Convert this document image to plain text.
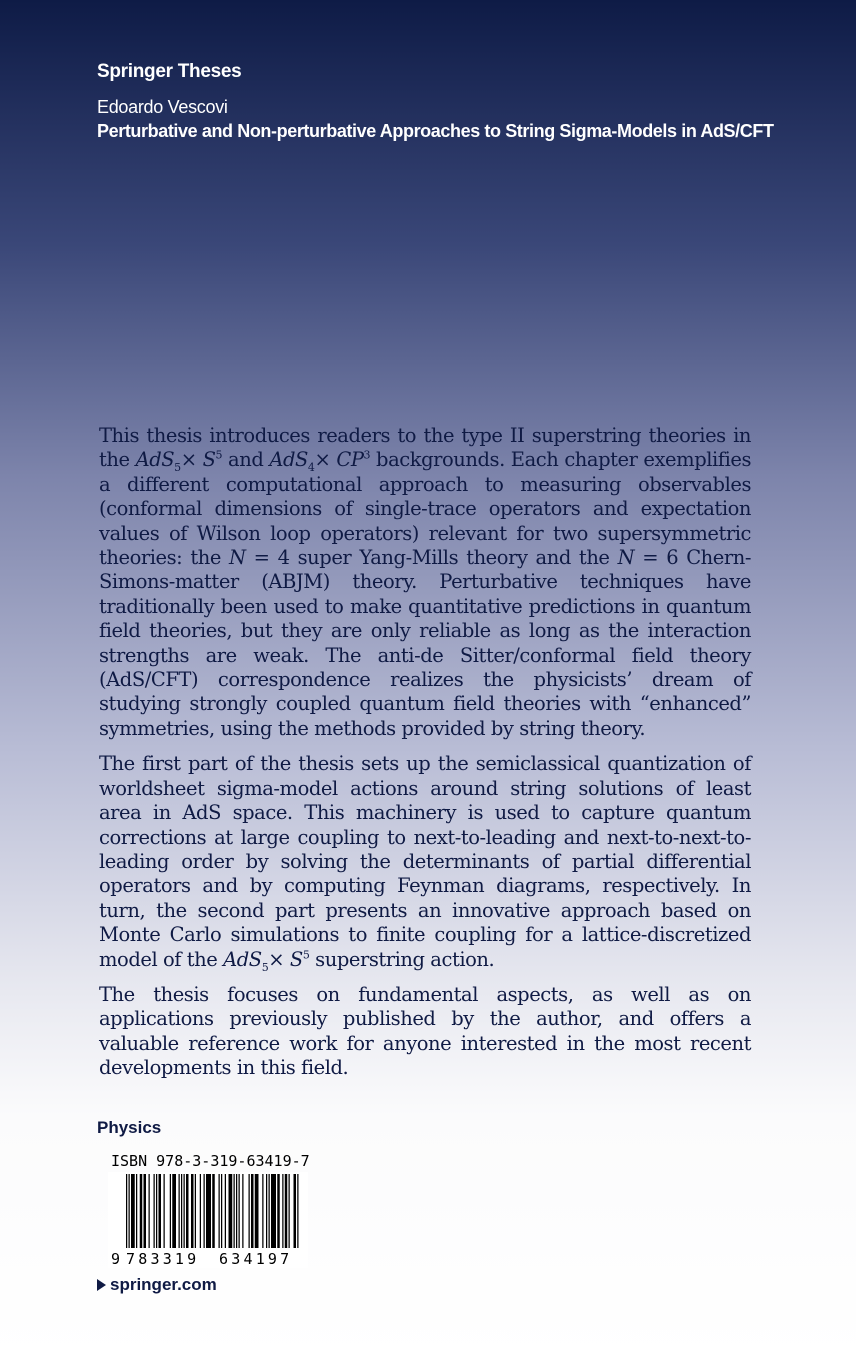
Springer Theses
Edoardo Vescovi
Perturbative and Non-perturbative Approaches to String Sigma-Models in AdS/CFT

This thesis introduces readers to the type II superstring theories in the $AdS_5\times S^5$ and $AdS_4\times CP^3$ backgrounds. Each chapter exemplifies a different computational approach to measuring observables (conformal dimensions of single-trace operators and expectation values of Wilson loop operators) relevant for two supersymmetric theories: the N = 4 super Yang-Mills theory and the N = 6 Chern-Simons-matter (ABJM) theory. Perturbative techniques have traditionally been used to make quantitative predictions in quantum field theories, but they are only reliable as long as the interaction strengths are weak. The anti-de Sitter/conformal field theory (AdS/CFT) correspondence realizes the physicists’ dream of studying strongly coupled quantum field theories with “enhanced” symmetries, using the methods provided by string theory.

The first part of the thesis sets up the semiclassical quantization of worldsheet sigma-model actions around string solutions of least area in AdS space. This machinery is used to capture quantum corrections at large coupling to next-to-leading and next-to-next-to-leading order by solving the determinants of partial differential operators and by computing Feynman diagrams, respectively. In turn, the second part presents an innovative approach based on Monte Carlo simulations to finite coupling for a lattice-discretized model of the $AdS_5\times S^5$ superstring action.

The thesis focuses on fundamental aspects, as well as on applications previously published by the author, and offers a valuable reference work for anyone interested in the most recent developments in this field.

Physics
ISBN 978-3-319-63419-7
9 783319 634197
springer.com
